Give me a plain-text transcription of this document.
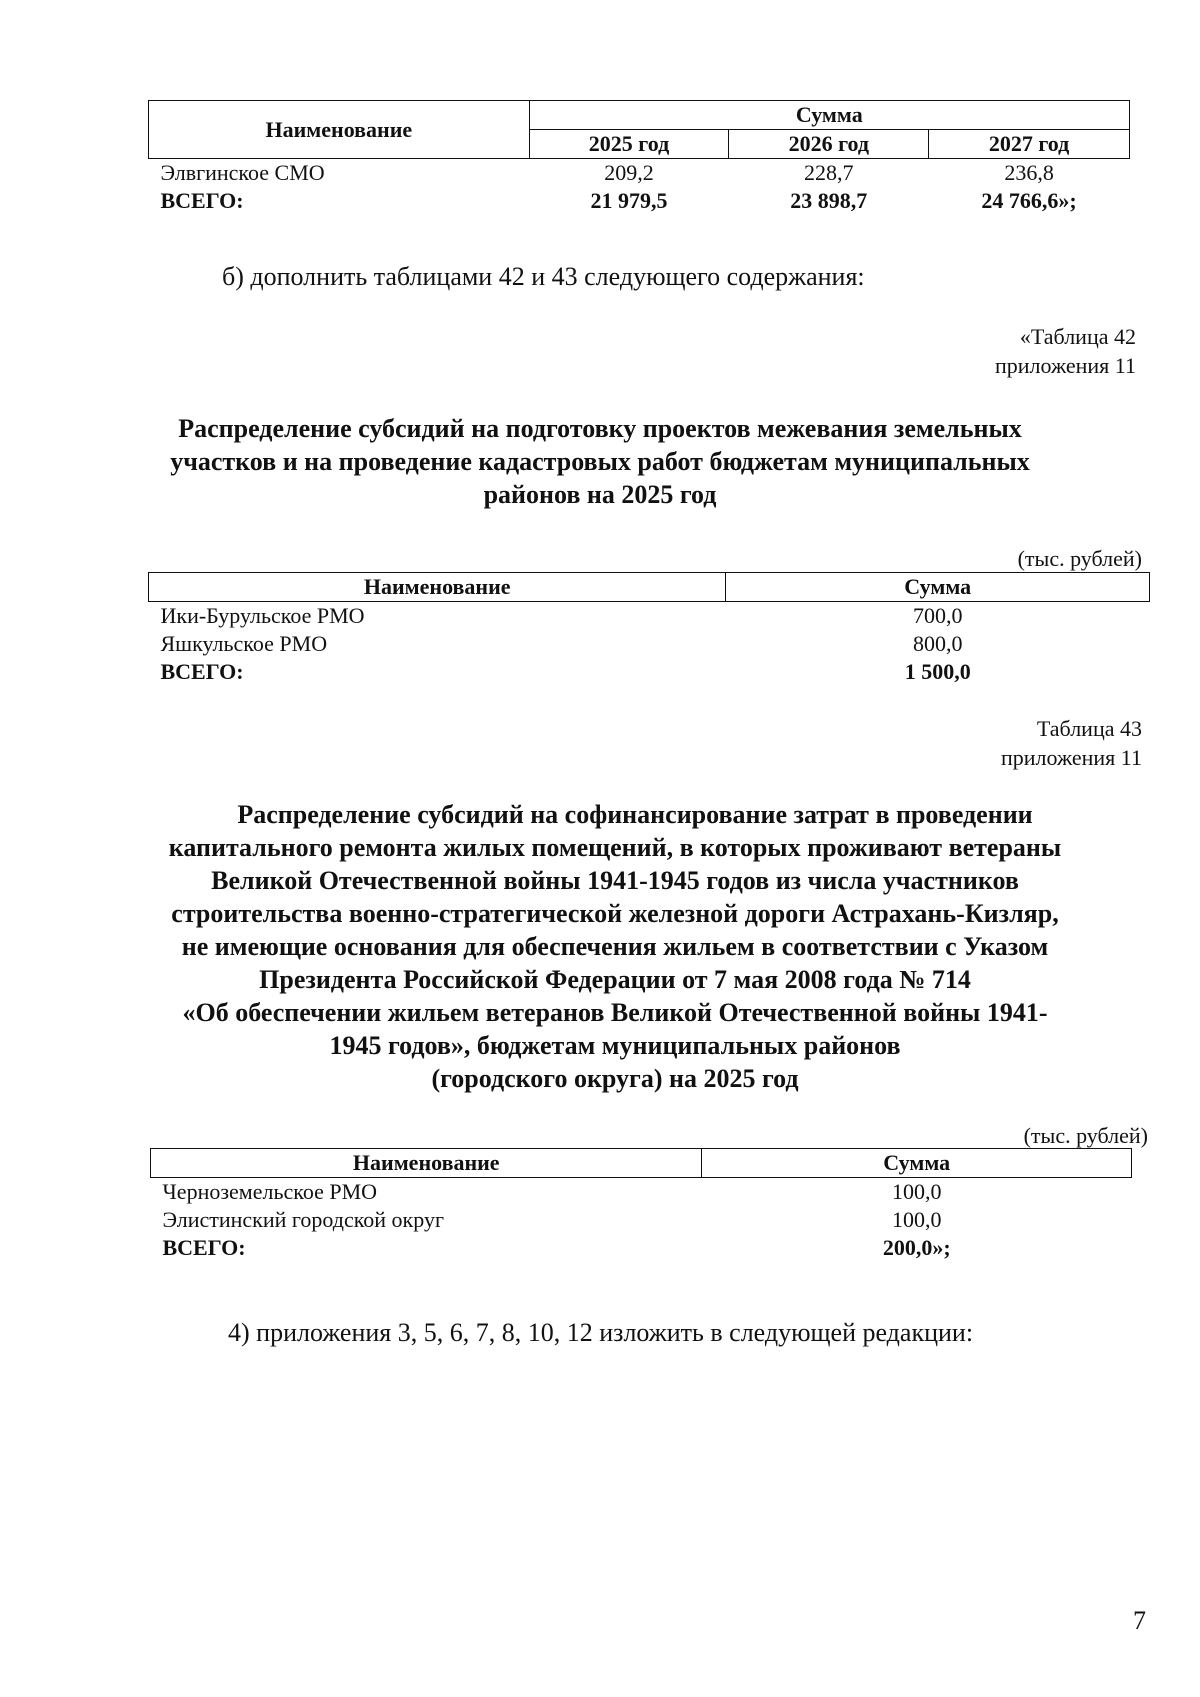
Наименование	Сумма		
	2025 год	2026 год	2027 год
Элвгинское СМО	209,2	228,7	236,8
ВСЕГО:	21 979,5	23 898,7	24 766,6»;
б) дополнить таблицами 42 и 43 следующего содержания:
«Таблица 42
приложения 11
Распределение субсидий на подготовку проектов межевания земельных
участков и на проведение кадастровых работ бюджетам муниципальных
районов на 2025 год
(тыс. рублей)
Наименование	Сумма
Ики-Бурульское РМО	700,0
Яшкульское РМО	800,0
ВСЕГО:	1 500,0
Таблица 43
приложения 11
Распределение субсидий на софинансирование затрат в проведении
капитального ремонта жилых помещений, в которых проживают ветераны
Великой Отечественной войны 1941-1945 годов из числа участников
строительства военно-стратегической железной дороги Астрахань-Кизляр,
не имеющие основания для обеспечения жильем в соответствии с Указом
Президента Российской Федерации от 7 мая 2008 года № 714
«Об обеспечении жильем ветеранов Великой Отечественной войны 1941-
1945 годов», бюджетам муниципальных районов
(городского округа) на 2025 год
(тыс. рублей)
Наименование	Сумма
Черноземельское РМО	100,0
Элистинский городской округ	100,0
ВСЕГО:	200,0»;
4) приложения 3, 5, 6, 7, 8, 10, 12 изложить в следующей редакции:
7
